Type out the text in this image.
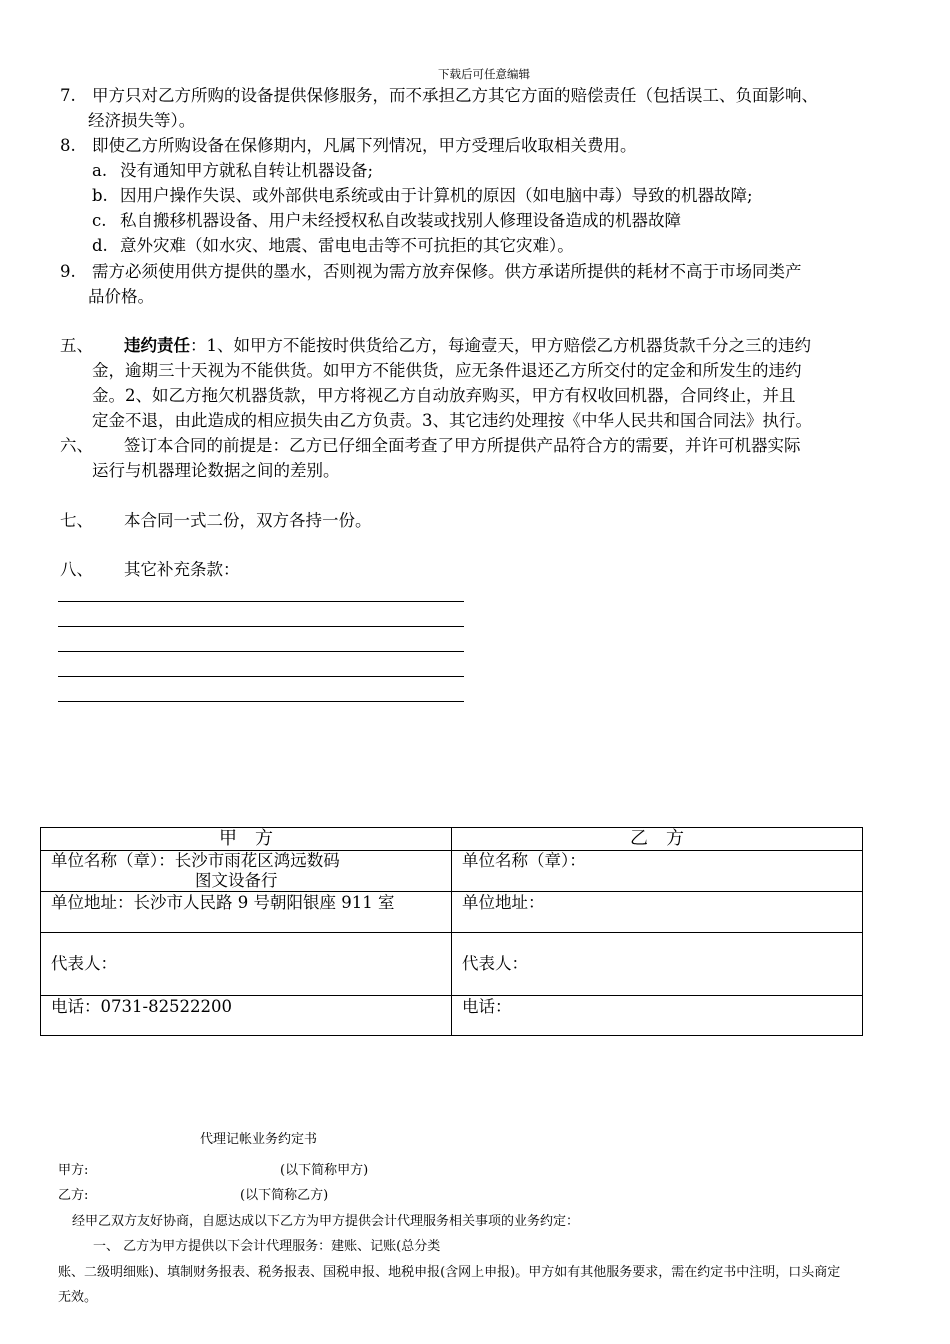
下载后可任意编辑
7. 甲方只对乙方所购的设备提供保修服务，而不承担乙方其它方面的赔偿责任（包括误工、负面影响、
经济损失等）。
8. 即使乙方所购设备在保修期内，凡属下列情况，甲方受理后收取相关费用。
a. 没有通知甲方就私自转让机器设备;
b. 因用户操作失误、或外部供电系统或由于计算机的原因（如电脑中毒）导致的机器故障;
c. 私自搬移机器设备、用户未经授权私自改装或找别人修理设备造成的机器故障
d. 意外灾难（如水灾、地震、雷电电击等不可抗拒的其它灾难）。
9. 需方必须使用供方提供的墨水，否则视为需方放弃保修。供方承诺所提供的耗材不高于市场同类产
品价格。
五、 违约责任：1、如甲方不能按时供货给乙方，每逾壹天，甲方赔偿乙方机器货款千分之三的违约
金，逾期三十天视为不能供货。如甲方不能供货，应无条件退还乙方所交付的定金和所发生的违约
金。2、如乙方拖欠机器货款，甲方将视乙方自动放弃购买，甲方有权收回机器，合同终止，并且
定金不退，由此造成的相应损失由乙方负责。3、其它违约处理按《中华人民共和国合同法》执行。
六、 签订本合同的前提是：乙方已仔细全面考查了甲方所提供产品符合方的需要，并许可机器实际
运行与机器理论数据之间的差别。
七、 本合同一式二份，双方各持一份。
八、 其它补充条款：
甲　方	乙　方

单位名称（章）：长沙市雨花区鸿远数码
图文设备行	单位名称（章）：
单位地址：长沙市人民路 9 号朝阳银座 911 室	单位地址：
代表人：	代表人：
电话：0731-82522200	电话：
代理记帐业务约定书
甲方:	(以下简称甲方)
乙方:	(以下简称乙方)
经甲乙双方友好协商，自愿达成以下乙方为甲方提供会计代理服务相关事项的业务约定：
一、 乙方为甲方提供以下会计代理服务：建账、记账(总分类
账、二级明细账)、填制财务报表、税务报表、国税申报、地税申报(含网上申报)。甲方如有其他服务要求，需在约定书中注明，口头商定
无效。
